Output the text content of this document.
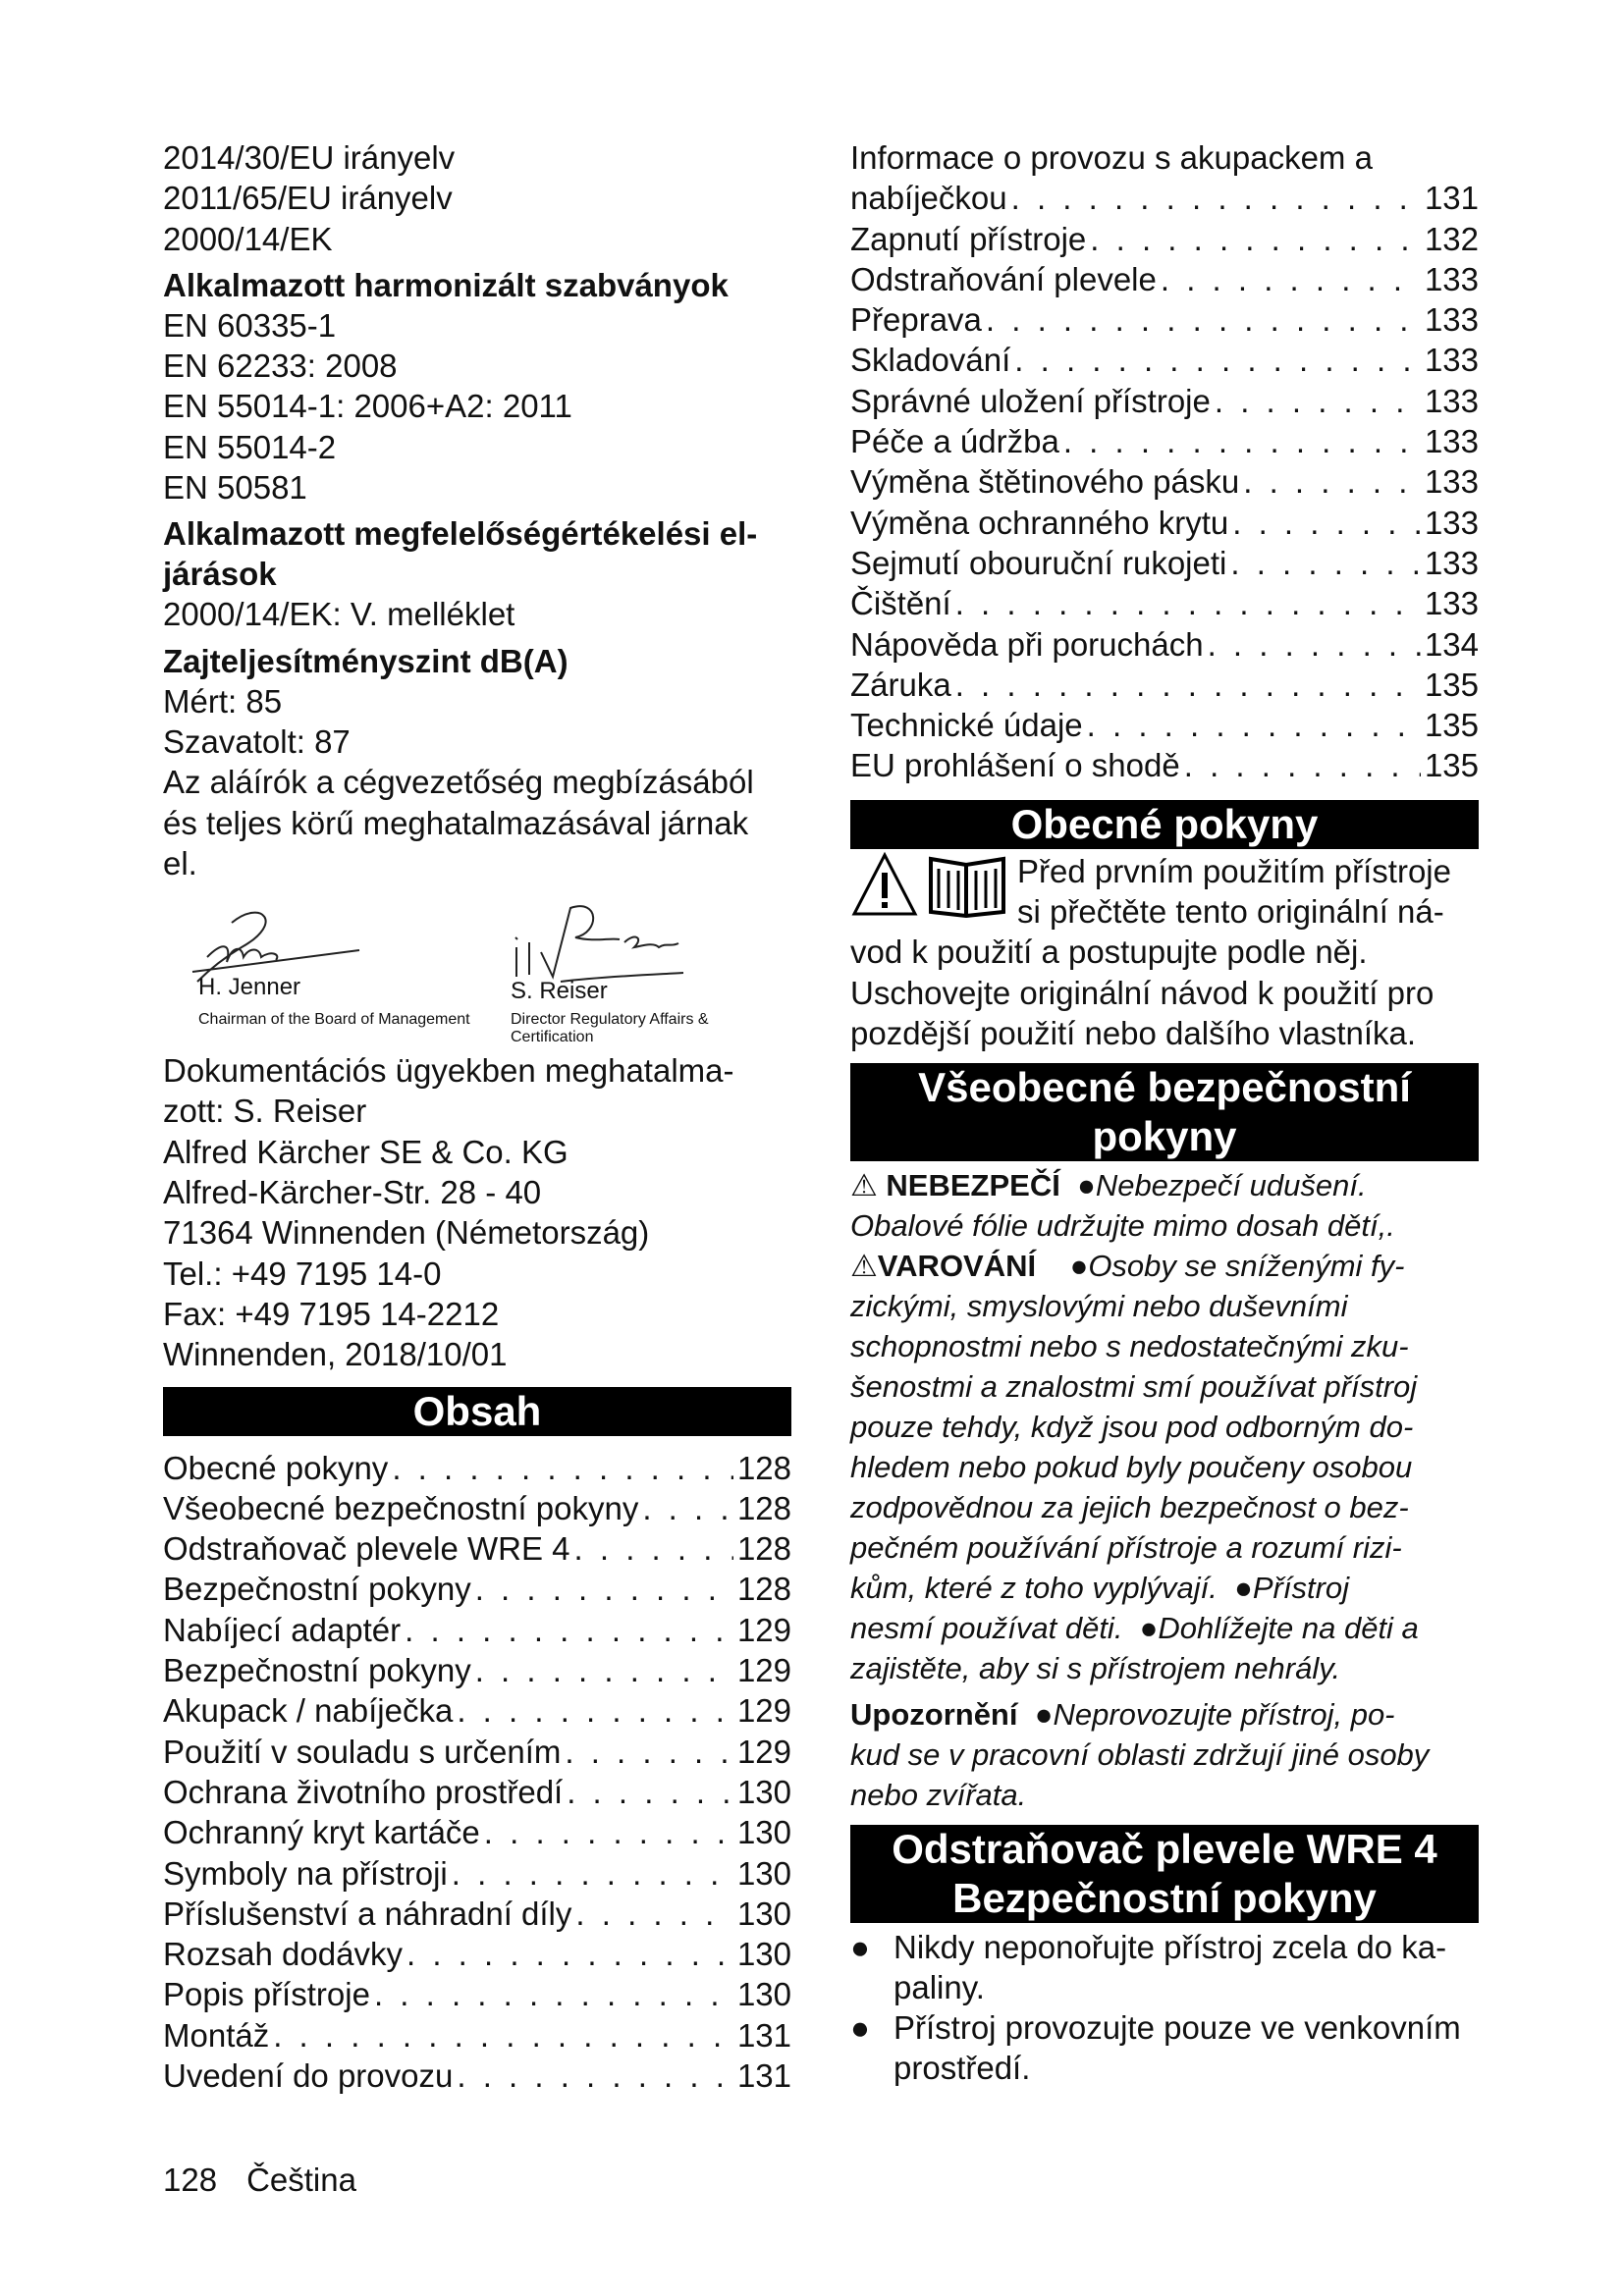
2014/30/EU irányelv

2011/65/EU irányelv

2000/14/EK

Alkalmazott harmonizált szabványok

EN 60335-1

EN 62233: 2008

EN 55014-1: 2006+A2: 2011

EN 55014-2

EN 50581

Alkalmazott megfelelőségértékelési el-
járások

2000/14/EK: V. melléklet

Zajteljesítményszint dB(A)

Mért: 85

Szavatolt: 87

Az aláírók a cégvezetőség megbízásából

és teljes körű meghatalmazásával járnak

el.

H. Jenner
Chairman of the Board of Management
S. Reiser
Director Regulatory Affairs & Certification

Dokumentációs ügyekben meghatalma-

zott: S. Reiser

Alfred Kärcher SE & Co. KG

Alfred-Kärcher-Str. 28 - 40

71364 Winnenden (Németország)

Tel.: +49 7195 14-0

Fax: +49 7195 14-2212

Winnenden, 2018/10/01

Obsah
Obecné pokyny . . .	128
Všeobecné bezpečnostní pokyny . . .	128
Odstraňovač plevele WRE 4 . . .	128
Bezpečnostní pokyny . . .	128
Nabíjecí adaptér . . .	129
Bezpečnostní pokyny . . .	129
Akupack / nabíječka . . .	129
Použití v souladu s určením . . .	129
Ochrana životního prostředí . . .	130
Ochranný kryt kartáče . . .	130
Symboly na přístroji . . .	130
Příslušenství a náhradní díly . . .	130
Rozsah dodávky . . .	130
Popis přístroje . . .	130
Montáž . . .	131
Uvedení do provozu . . .	131

Informace o provozu s akupackem a

nabíječkou . . .	131
Zapnutí přístroje . . .	132
Odstraňování plevele . . .	133
Přeprava . . .	133
Skladování . . .	133
Správné uložení přístroje . . .	133
Péče a údržba . . .	133
Výměna štětinového pásku . . .	133
Výměna ochranného krytu . . .	133
Sejmutí obouruční rukojeti . . .	133
Čištění . . .	133
Nápověda při poruchách . . .	134
Záruka . . .	135
Technické údaje . . .	135
EU prohlášení o shodě . . .	135
Obecné pokyny

Před prvním použitím přístroje

si přečtěte tento originální ná-

vod k použití a postupujte podle něj.

Uschovejte originální návod k použití pro

pozdější použití nebo dalšího vlastníka.

Všeobecné bezpečnostní
pokyny
⚠ NEBEZPEČÍ  ●Nebezpečí udušení.
Obalové fólie udržujte mimo dosah dětí,.
⚠VAROVÁNÍ    ●Osoby se sníženými fy-
zickými, smyslovými nebo duševními
schopnostmi nebo s nedostatečnými zku-
šenostmi a znalostmi smí používat přístroj
pouze tehdy, když jsou pod odborným do-
hledem nebo pokud byly poučeny osobou
zodpovědnou za jejich bezpečnost o bez-
pečném používání přístroje a rozumí rizi-
kům, které z toho vyplývají.  ●Přístroj
nesmí používat děti.  ●Dohlížejte na děti a
zajistěte, aby si s přístrojem nehrály.
Upozornění  ●Neprovozujte přístroj, po-
kud se v pracovní oblasti zdržují jiné osoby
nebo zvířata.
Odstraňovač plevele WRE 4
Bezpečnostní pokyny
● Nikdy neponořujte přístroj zcela do ka-
paliny.
● Přístroj provozujte pouze ve venkovním
prostředí.
128 Čeština
